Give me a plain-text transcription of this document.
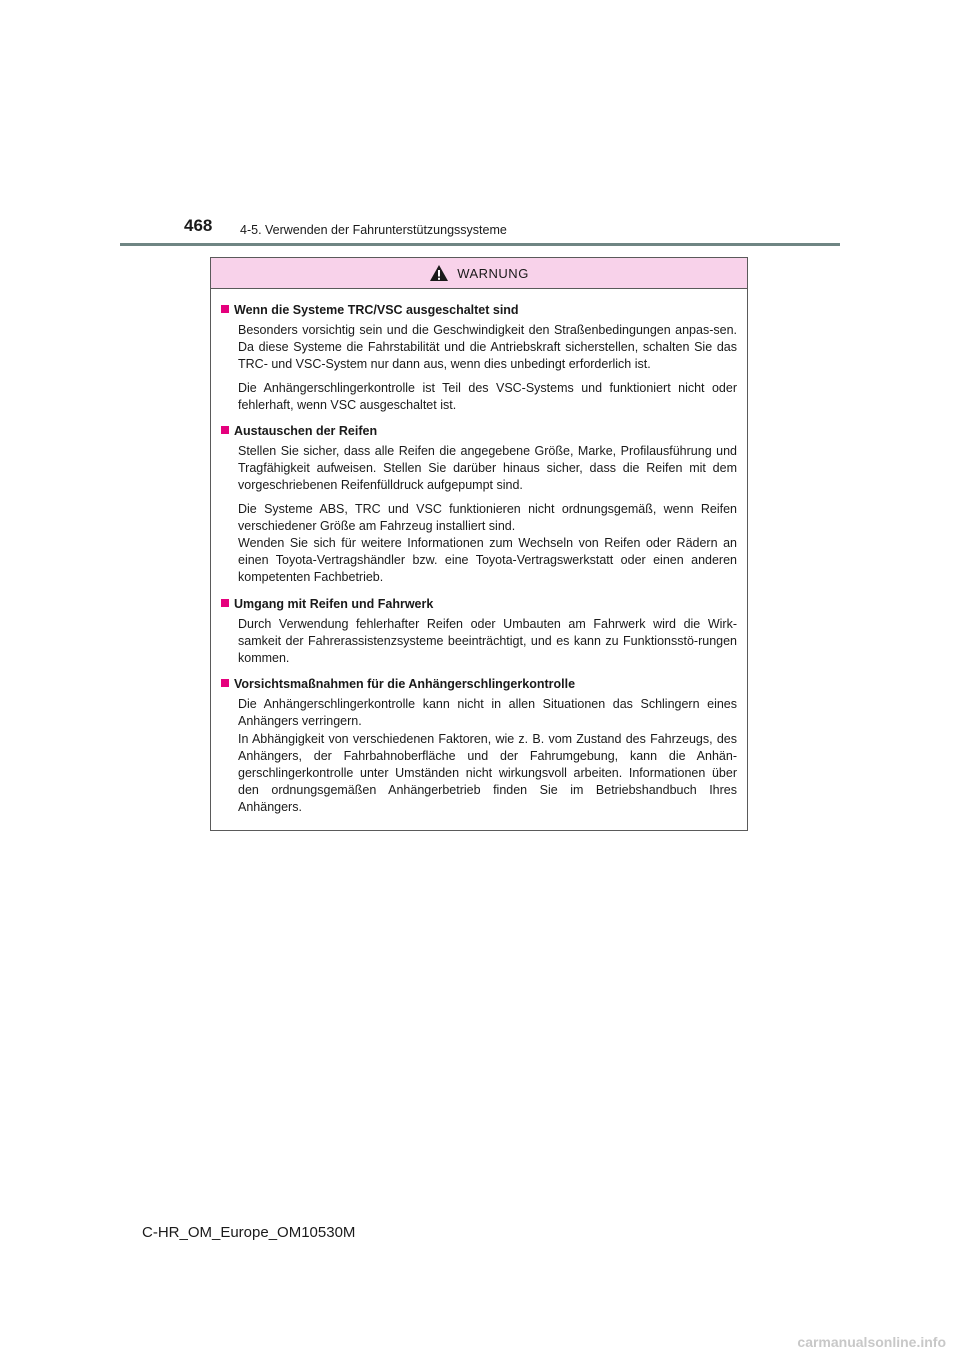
468 4-5. Verwenden der Fahrunterstützungssysteme
WARNUNG
Wenn die Systeme TRC/VSC ausgeschaltet sind

Besonders vorsichtig sein und die Geschwindigkeit den Straßenbedingungen anpas-sen. Da diese Systeme die Fahrstabilität und die Antriebskraft sicherstellen, schalten Sie das TRC- und VSC-System nur dann aus, wenn dies unbedingt erforderlich ist.

Die Anhängerschlingerkontrolle ist Teil des VSC-Systems und funktioniert nicht oder fehlerhaft, wenn VSC ausgeschaltet ist.

Austauschen der Reifen

Stellen Sie sicher, dass alle Reifen die angegebene Größe, Marke, Profilausführung und Tragfähigkeit aufweisen. Stellen Sie darüber hinaus sicher, dass die Reifen mit dem vorgeschriebenen Reifenfülldruck aufgepumpt sind.

Die Systeme ABS, TRC und VSC funktionieren nicht ordnungsgemäß, wenn Reifen verschiedener Größe am Fahrzeug installiert sind.

Wenden Sie sich für weitere Informationen zum Wechseln von Reifen oder Rädern an einen Toyota-Vertragshändler bzw. eine Toyota-Vertragswerkstatt oder einen anderen kompetenten Fachbetrieb.

Umgang mit Reifen und Fahrwerk

Durch Verwendung fehlerhafter Reifen oder Umbauten am Fahrwerk wird die Wirk-samkeit der Fahrerassistenzsysteme beeinträchtigt, und es kann zu Funktionsstö-rungen kommen.

Vorsichtsmaßnahmen für die Anhängerschlingerkontrolle

Die Anhängerschlingerkontrolle kann nicht in allen Situationen das Schlingern eines Anhängers verringern.

In Abhängigkeit von verschiedenen Faktoren, wie z. B. vom Zustand des Fahrzeugs, des Anhängers, der Fahrbahnoberfläche und der Fahrumgebung, kann die Anhän-gerschlingerkontrolle unter Umständen nicht wirkungsvoll arbeiten. Informationen über den ordnungsgemäßen Anhängerbetrieb finden Sie im Betriebshandbuch Ihres Anhängers.

C-HR_OM_Europe_OM10530M
carmanualsonline.info
